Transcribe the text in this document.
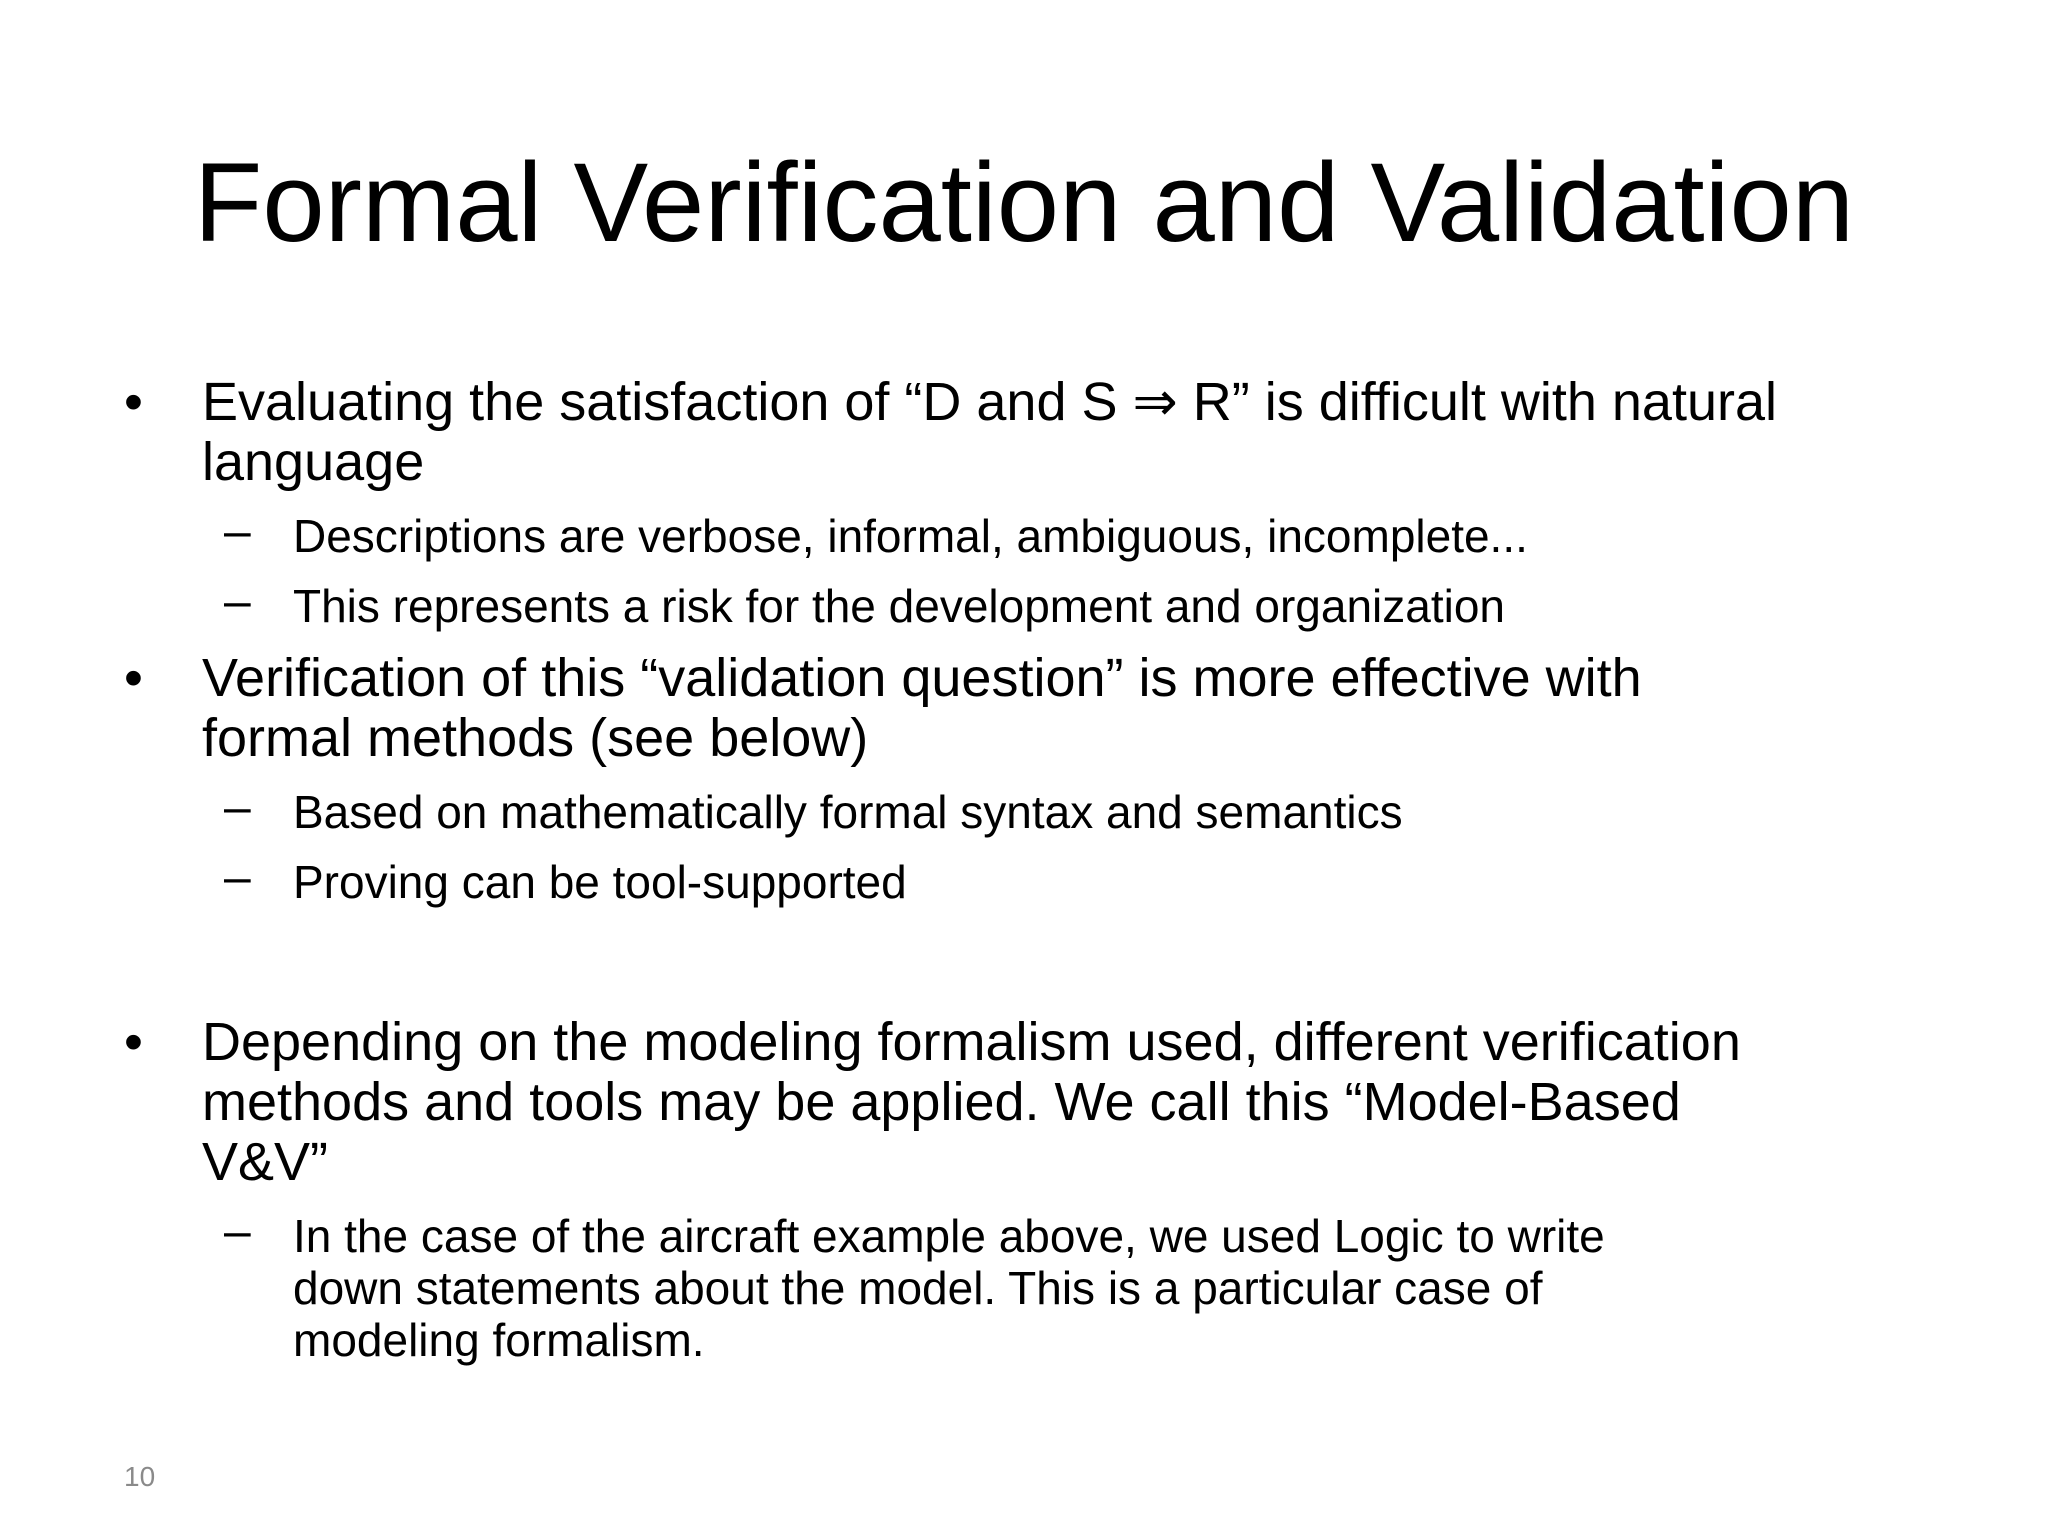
Formal Verification and Validation
• Evaluating the satisfaction of “D and S ⇒ R” is difficult with natural
language
– Descriptions are verbose, informal, ambiguous, incomplete...
– This represents a risk for the development and organization
• Verification of this “validation question” is more effective with
formal methods (see below)
– Based on mathematically formal syntax and semantics
– Proving can be tool-supported
• Depending on the modeling formalism used, different verification
methods and tools may be applied. We call this “Model-Based
V&V”
– In the case of the aircraft example above, we used Logic to write
down statements about the model. This is a particular case of
modeling formalism.
10
